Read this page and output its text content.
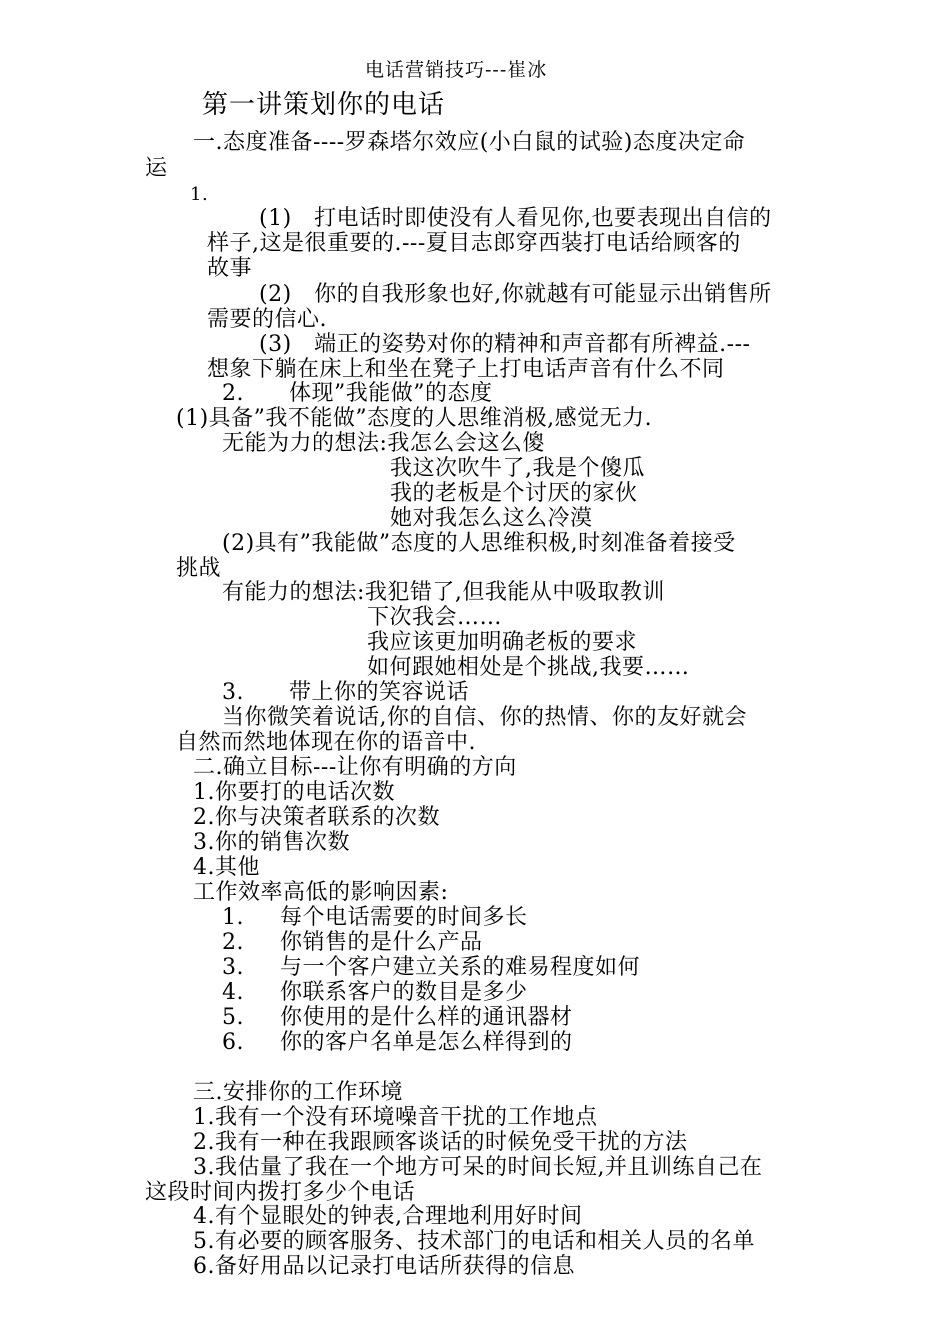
电话营销技巧---崔冰
第一讲策划你的电话
一.态度准备----罗森塔尔效应(小白鼠的试验)态度决定命
运
1.
(1)　打电话时即使没有人看见你,也要表现出自信的
样子,这是很重要的.---夏目志郎穿西装打电话给顾客的
故事
(2)　你的自我形象也好,你就越有可能显示出销售所
需要的信心.
(3)　端正的姿势对你的精神和声音都有所裨益.---
想象下躺在床上和坐在凳子上打电话声音有什么不同
2.　　体现”我能做”的态度
(1)具备”我不能做”态度的人思维消极,感觉无力.
无能为力的想法:我怎么会这么傻
我这次吹牛了,我是个傻瓜
我的老板是个讨厌的家伙
她对我怎么这么冷漠
(2)具有”我能做”态度的人思维积极,时刻准备着接受
挑战
有能力的想法:我犯错了,但我能从中吸取教训
下次我会……
我应该更加明确老板的要求
如何跟她相处是个挑战,我要……
3.　　带上你的笑容说话
当你微笑着说话,你的自信、你的热情、你的友好就会
自然而然地体现在你的语音中.
二.确立目标---让你有明确的方向
1.你要打的电话次数
2.你与决策者联系的次数
3.你的销售次数
4.其他
工作效率高低的影响因素:
1. 每个电话需要的时间多长
2. 你销售的是什么产品
3. 与一个客户建立关系的难易程度如何
4. 你联系客户的数目是多少
5. 你使用的是什么样的通讯器材
6. 你的客户名单是怎么样得到的
三.安排你的工作环境
1.我有一个没有环境噪音干扰的工作地点
2.我有一种在我跟顾客谈话的时候免受干扰的方法
3.我估量了我在一个地方可呆的时间长短,并且训练自己在
这段时间内拨打多少个电话
4.有个显眼处的钟表,合理地利用好时间
5.有必要的顾客服务、技术部门的电话和相关人员的名单
6.备好用品以记录打电话所获得的信息
